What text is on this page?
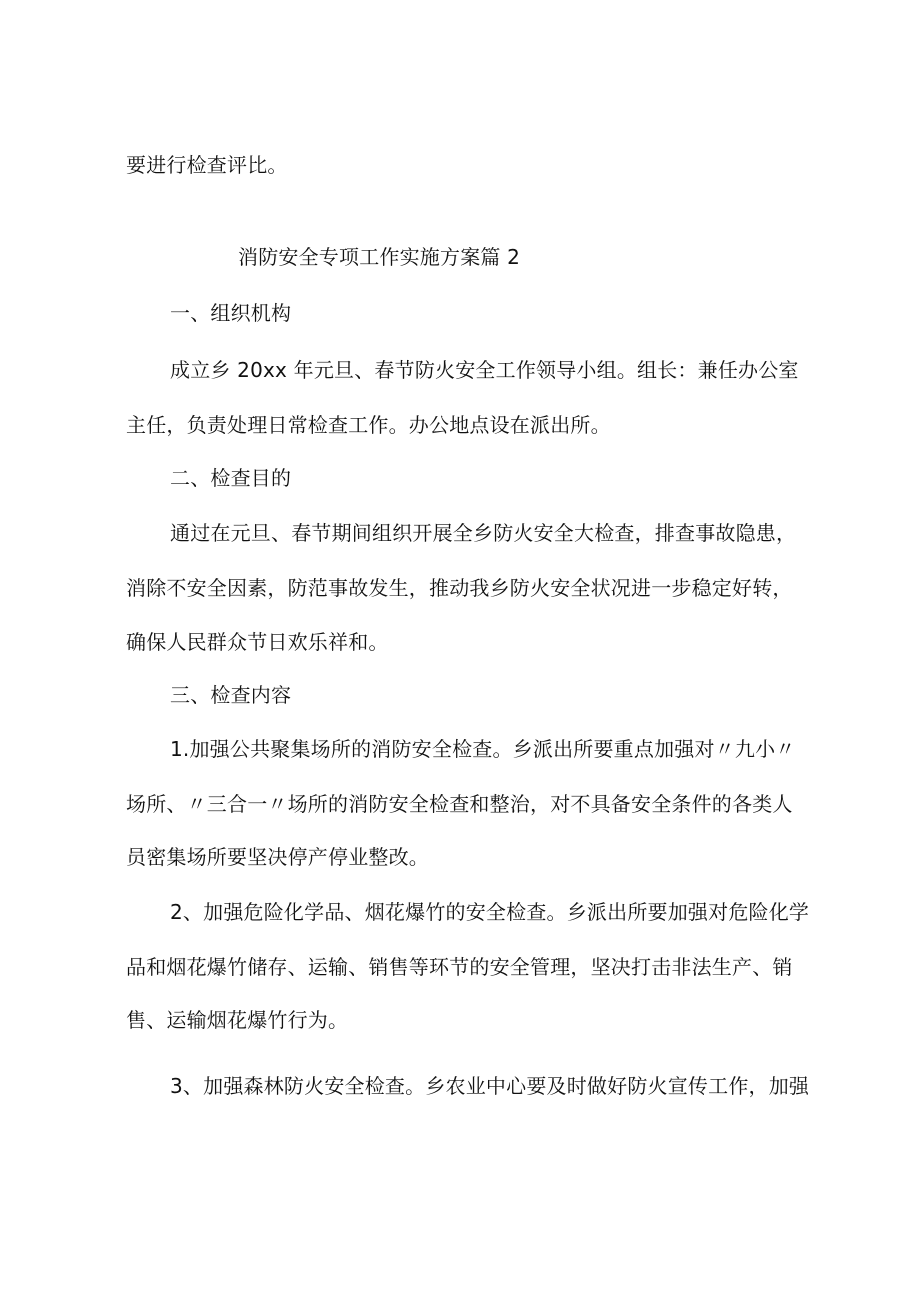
要进行检查评比。
消防安全专项工作实施方案篇 2
一、组织机构
成立乡 20xx 年元旦、春节防火安全工作领导小组。组长：兼任办公室
主任，负责处理日常检查工作。办公地点设在派出所。
二、检查目的
通过在元旦、春节期间组织开展全乡防火安全大检查，排查事故隐患，
消除不安全因素，防范事故发生，推动我乡防火安全状况进一步稳定好转，
确保人民群众节日欢乐祥和。
三、检查内容
1.加强公共聚集场所的消防安全检查。乡派出所要重点加强对〃九小〃
场所、〃三合一〃场所的消防安全检查和整治，对不具备安全条件的各类人
员密集场所要坚决停产停业整改。
2、加强危险化学品、烟花爆竹的安全检查。乡派出所要加强对危险化学
品和烟花爆竹储存、运输、销售等环节的安全管理，坚决打击非法生产、销
售、运输烟花爆竹行为。
3、加强森林防火安全检查。乡农业中心要及时做好防火宣传工作，加强
